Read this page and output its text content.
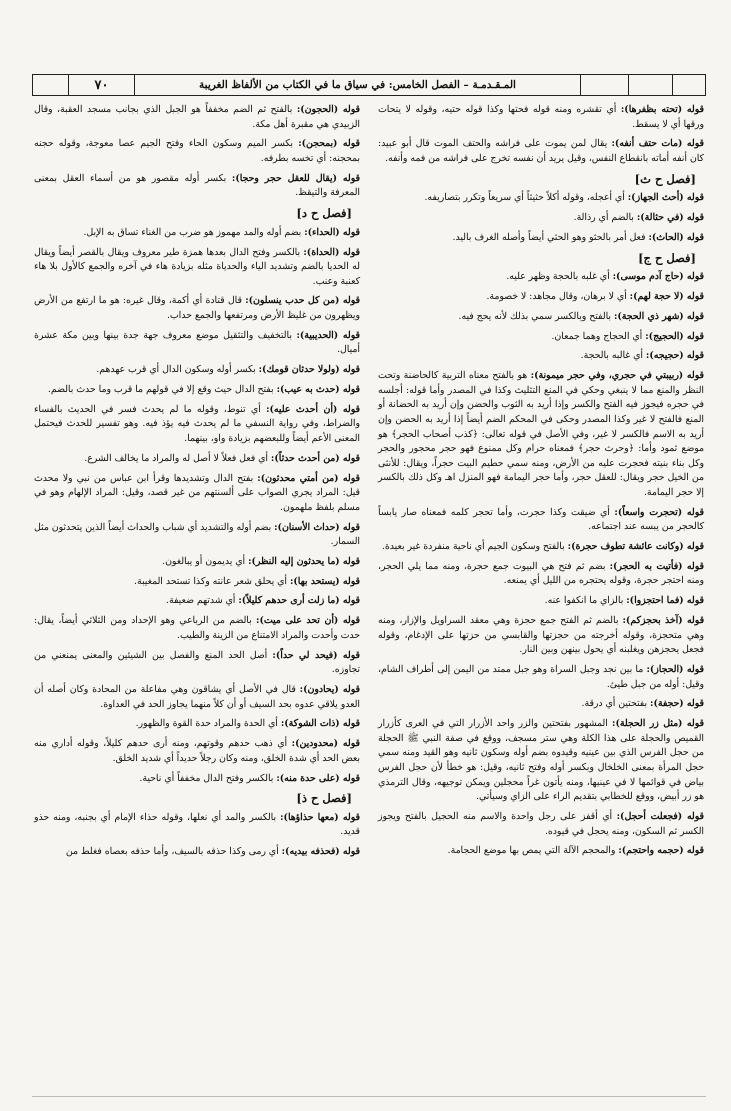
٧٠	المـقـدمـة – الفصل الخامس: في سياق ما في الكتاب من الألفاظ الغريبة

قوله (تحته بظفرها): أي تقشره ومنه قوله فحتها وكذا قوله حتيه، وقوله لا يتحات ورقها أي لا يسقط.

قوله (مات حتف أنفه): يقال لمن يموت على فراشه والحتف الموت قال أبو عبيد: كان أنفه أماته بانقطاع النفس، وقيل يريد أن نفسه تخرج على فراشه من فمه وأنفه.

[فصل ح ث]

قوله (أحث الجهاز): أي أعجله، وقوله أكلاً حثيثاً أي سريعاً وتكرر بتصاريفه.

قوله (في حثالة): بالضم أي رذالة.

قوله (الحاث): فعل أمر بالحثو وهو الحثي أيضاً وأصله الغرف باليد.

[فصل ح ج]

قوله (حاج آدم موسى): أي غلبه بالحجة وظهر عليه.

قوله (لا حجة لهم): أي لا برهان، وقال مجاهد: لا خصومة.

قوله (شهر ذي الحجة): بالفتح وبالكسر سمي بذلك لأنه يحج فيه.

قوله (الحجيج): أي الحجاج وهما جمعان.

قوله (حجيجه): أي غالبه بالحجة.

قوله (ربيبتي في حجري، وفي حجر ميمونة): هو بالفتح معناه التربية كالحاضنة وتحت النظر والمنع مما لا ينبغي وحكي في المنع التثليث وكذا في المصدر وأما قوله: أجلسه في حجره فيجوز فيه الفتح والكسر وإذا أريد به الثوب والحضن وإن أريد به الحضانة أو المنع فالفتح لا غير وكذا المصدر وحكى في المحكم الضم أيضاً إذا أريد به الحضن وإن أريد به الاسم فالكسر لا غير، وفي الأصل في قوله تعالى: ﴿كذب أصحاب الحجر﴾ هو موضع ثمود وأما: ﴿وحرث حجر﴾ فمعناه حرام وكل ممنوع فهو حجر محجور والحجر وكل بناء بنيته فحجرت عليه من الأرض، ومنه سمي حطيم البيت حجراً، ويقال: للأنثى من الخيل حجر ويقال: للعقل حجر، وأما حجر اليمامة فهو المنزل اهـ وكل ذلك بالكسر إلا حجر اليمامة.

قوله (تحجرت واسعاً): أي ضيقت وكذا حجرت، وأما تحجر كلمه فمعناه صار يابساً كالحجر من يبسه عند اجتماعه.

قوله (وكانت عائشة تطوف حجرة): بالفتح وسكون الجيم أي ناحية منفردة غير بعيدة.

قوله (فأتيت به الحجر): بضم ثم فتح هي البيوت جمع حجرة، ومنه مما يلي الحجر، ومنه احتجر حجرة، وقوله يحتجره من الليل أي يمنعه.

قوله (فما احتجزوا): بالزاي ما انكفوا عنه.

قوله (آخذ بحجزكم): بالضم ثم الفتح جمع حجزة وهي معقد السراويل والإزار، ومنه وهي متحجزة، وقوله أخرجته من حجزتها والقابسي من حزتها على الإدغام، وقوله فجعل يحجزهن ويغلبنه أي يحول بينهن وبين النار.

قوله (الحجاز): ما بين نجد وجبل السراة وهو جبل ممتد من اليمن إلى أطراف الشام، وقيل: أوله من جبل طيئ.

قوله (حجفة): بفتحتين أي درقة.

قوله (مثل زر الحجلة): المشهور بفتحتين والزر واحد الأزرار التي في العرى كأزرار القميص والحجلة على هذا الكلة وهي ستر مسجف، ووقع في صفة النبي ﷺ الحجلة من حجل الفرس الذي بين عينيه وقيدوه بضم أوله وسكون ثانيه وهو القيد ومنه سمي حجل المرأة بمعنى الخلخال وبكسر أوله وفتح ثانيه، وقيل: هو خطأ لأن حجل الفرس بياض في قوائمها لا في عينيها، ومنه يأتون غراً محجلين ويمكن توجيهه، وقال الترمذي هو زر أبيض، ووقع للخطابي بتقديم الراء على الزاي وسيأتي.

قوله (فجعلت أحجل): أي أقفز على رجل واحدة والاسم منه الحجيل بالفتح ويجوز الكسر ثم السكون، ومنه يحجل في قيوده.

قوله (حجمه واحتجم): والمحجم الآلة التي يمص بها موضع الحجامة.

قوله (الحجون): بالفتح ثم الضم مخففاً هو الجبل الذي بجانب مسجد العقبة، وقال الزبيدي هي مقبرة أهل مكة.

قوله (بمحجن): بكسر الميم وسكون الحاء وفتح الجيم عصا معوجة، وقوله حجنه بمحجنه: أي تخسه بطرفه.

قوله (يقال للعقل حجر وحجا): بكسر أوله مقصور هو من أسماء العقل بمعنى المعرفة والتيقظ.

[فصل ح د]

قوله (الحداء): بضم أوله والمد مهموز هو ضرب من الغناء تساق به الإبل.

قوله (الحداة): بالكسر وفتح الدال بعدها همزة طير معروف ويقال بالقصر أيضاً ويقال له الحديا بالضم وتشديد الياء والحدياة مثله بزيادة هاء في آخره والجمع كالأول بلا هاء كعنبة وعنب.

قوله (من كل حدب ينسلون): قال قتادة أي أكمة، وقال غيره: هو ما ارتفع من الأرض ويظهرون من غليظ الأرض ومرتفعها والجمع حداب.

قوله (الحديبية): بالتخفيف والتثقيل موضع معروف جهة جدة بينها وبين مكة عشرة أميال.

قوله (ولولا حدثان قومك): بكسر أوله وسكون الدال أي قرب عهدهم.

قوله (حدث به عيب): بفتح الدال حيث وقع إلا في قولهم ما قرب وما حدث بالضم.

قوله (أن أحدث عليه): أي تنوط، وقوله ما لم يحدث فسر في الحديث بالفساء والضراط، وفي رواية النسفي ما لم يحدث فيه يؤذ فيه. وهو تفسير للحدث فيحتمل المعنى الأعم أيضاً وللبعضهم بزيادة واو، بينهما.

قوله (من أحدث حدثاً): أي فعل فعلاً لا أصل له والمراد ما يخالف الشرع.

قوله (من أمتي محدثون): بفتح الدال وتشديدها وقرأ ابن عباس من نبي ولا محدث قيل: المراد يجري الصواب على ألسنتهم من غير قصد، وقيل: المراد الإلهام وهو في مسلم بلفظ ملهمون.

قوله (حداث الأسنان): بضم أوله والتشديد أي شباب والحداث أيضاً الذين يتحدثون مثل السمار.

قوله (ما يحدثون إليه النظر): أي يديمون أو يبالغون.

قوله (يستحد بها): أي يحلق شعر عانته وكذا تستحد المغيبة.

قوله (ما زلت أرى حدهم كليلاً): أي شدتهم ضعيفة.

قوله (أن تحد على ميت): بالضم من الرباعي وهو الإحداد ومن الثلاثي أيضاً، يقال: حدت وأحدت والمراد الامتناع من الزينة والطيب.

قوله (فيحد لي حداً): أصل الحد المنع والفصل بين الشيئين والمعنى يمنعني من تجاوزه.

قوله (يحادون): قال في الأصل أي يشاقون وهي مفاعلة من المحادة وكان أصله أن العدو يلاقي عدوه بحد السيف أو أن كلاً منهما يجاوز الحد في العداوة.

قوله (ذات الشوكة): أي الحدة والمراد حدة القوة والظهور.

قوله (محدودين): أي ذهب حدهم وقوتهم، ومنه أرى حدهم كليلاً، وقوله أداري منه بعض الحد أي شدة الخلق، ومنه وكان رجلاً حديداً أي شديد الخلق.

قوله (على حدة منه): بالكسر وفتح الدال مخففاً أي ناحية.

[فصل ح ذ]

قوله (معها حذاؤها): بالكسر والمد أي نعلها، وقوله حذاء الإمام أي بجنبه، ومنه حذو قديد.

قوله (فحذفه بيديه): أي رمى وكذا حذفه بالسيف، وأما حذفه بعصاه فغلط من
